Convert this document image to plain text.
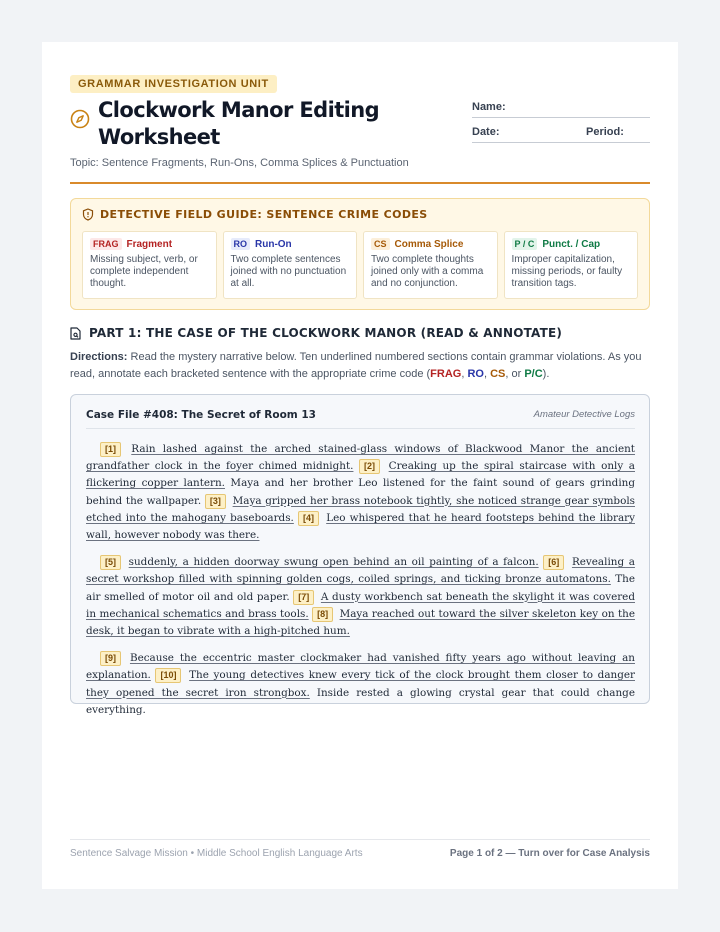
GRAMMAR INVESTIGATION UNIT
Clockwork Manor Editing
Worksheet
Name:
Date:	Period:
Topic: Sentence Fragments, Run-Ons, Comma Splices & Punctuation
DETECTIVE FIELD GUIDE: SENTENCE CRIME CODES
FRAG Fragment
Missing subject, verb, or complete independent thought.
RO Run-On
Two complete sentences joined with no punctuation at all.
CS Comma Splice
Two complete thoughts joined only with a comma and no conjunction.
P / C Punct. / Cap
Improper capitalization, missing periods, or faulty transition tags.
PART 1: THE CASE OF THE CLOCKWORK MANOR (READ & ANNOTATE)
Directions: Read the mystery narrative below. Ten underlined numbered sections contain grammar violations. As you read, annotate each bracketed sentence with the appropriate crime code (FRAG, RO, CS, or P/C).
Case File #408: The Secret of Room 13	Amateur Detective Logs

[1] Rain lashed against the arched stained-glass windows of Blackwood Manor the ancient grandfather clock in the foyer chimed midnight. [2] Creaking up the spiral staircase with only a flickering copper lantern. Maya and her brother Leo listened for the faint sound of gears grinding behind the wallpaper. [3] Maya gripped her brass notebook tightly, she noticed strange gear symbols etched into the mahogany baseboards. [4] Leo whispered that he heard footsteps behind the library wall, however nobody was there.

[5] suddenly, a hidden doorway swung open behind an oil painting of a falcon. [6] Revealing a secret workshop filled with spinning golden cogs, coiled springs, and ticking bronze automatons. The air smelled of motor oil and old paper. [7] A dusty workbench sat beneath the skylight it was covered in mechanical schematics and brass tools. [8] Maya reached out toward the silver skeleton key on the desk, it began to vibrate with a high-pitched hum.

[9] Because the eccentric master clockmaker had vanished fifty years ago without leaving an explanation. [10] The young detectives knew every tick of the clock brought them closer to danger they opened the secret iron strongbox. Inside rested a glowing crystal gear that could change everything.

Sentence Salvage Mission • Middle School English Language Arts	Page 1 of 2 — Turn over for Case Analysis
